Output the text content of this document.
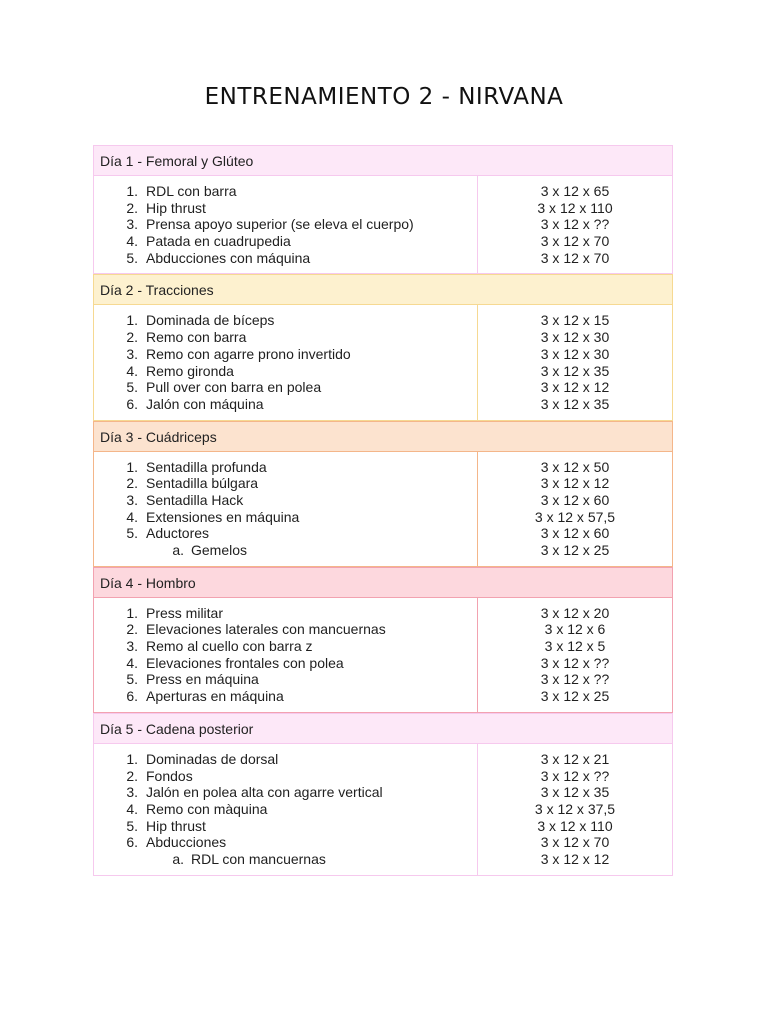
ENTRENAMIENTO 2 - NIRVANA
Día 1 - Femoral y Glúteo
1. RDL con barra
2. Hip thrust
3. Prensa apoyo superior (se eleva el cuerpo)
4. Patada en cuadrupedia
5. Abducciones con máquina
3 x 12 x 65
3 x 12 x 110
3 x 12 x ??
3 x 12 x 70
3 x 12 x 70
Día 2 - Tracciones
1. Dominada de bíceps
2. Remo con barra
3. Remo con agarre prono invertido
4. Remo gironda
5. Pull over con barra en polea
6. Jalón con máquina
3 x 12 x 15
3 x 12 x 30
3 x 12 x 30
3 x 12 x 35
3 x 12 x 12
3 x 12 x 35
Día 3 - Cuádriceps
1. Sentadilla profunda
2. Sentadilla búlgara
3. Sentadilla Hack
4. Extensiones en máquina
5. Aductores
a. Gemelos
3 x 12 x 50
3 x 12 x 12
3 x 12 x 60
3 x 12 x 57,5
3 x 12 x 60
3 x 12 x 25
Día 4 - Hombro
1. Press militar
2. Elevaciones laterales con mancuernas
3. Remo al cuello con barra z
4. Elevaciones frontales con polea
5. Press en máquina
6. Aperturas en máquina
3 x 12 x 20
3 x 12 x 6
3 x 12 x 5
3 x 12 x ??
3 x 12 x ??
3 x 12 x 25
Día 5 - Cadena posterior
1. Dominadas de dorsal
2. Fondos
3. Jalón en polea alta con agarre vertical
4. Remo con màquina
5. Hip thrust
6. Abducciones
a. RDL con mancuernas
3 x 12 x 21
3 x 12 x ??
3 x 12 x 35
3 x 12 x 37,5
3 x 12 x 110
3 x 12 x 70
3 x 12 x 12
